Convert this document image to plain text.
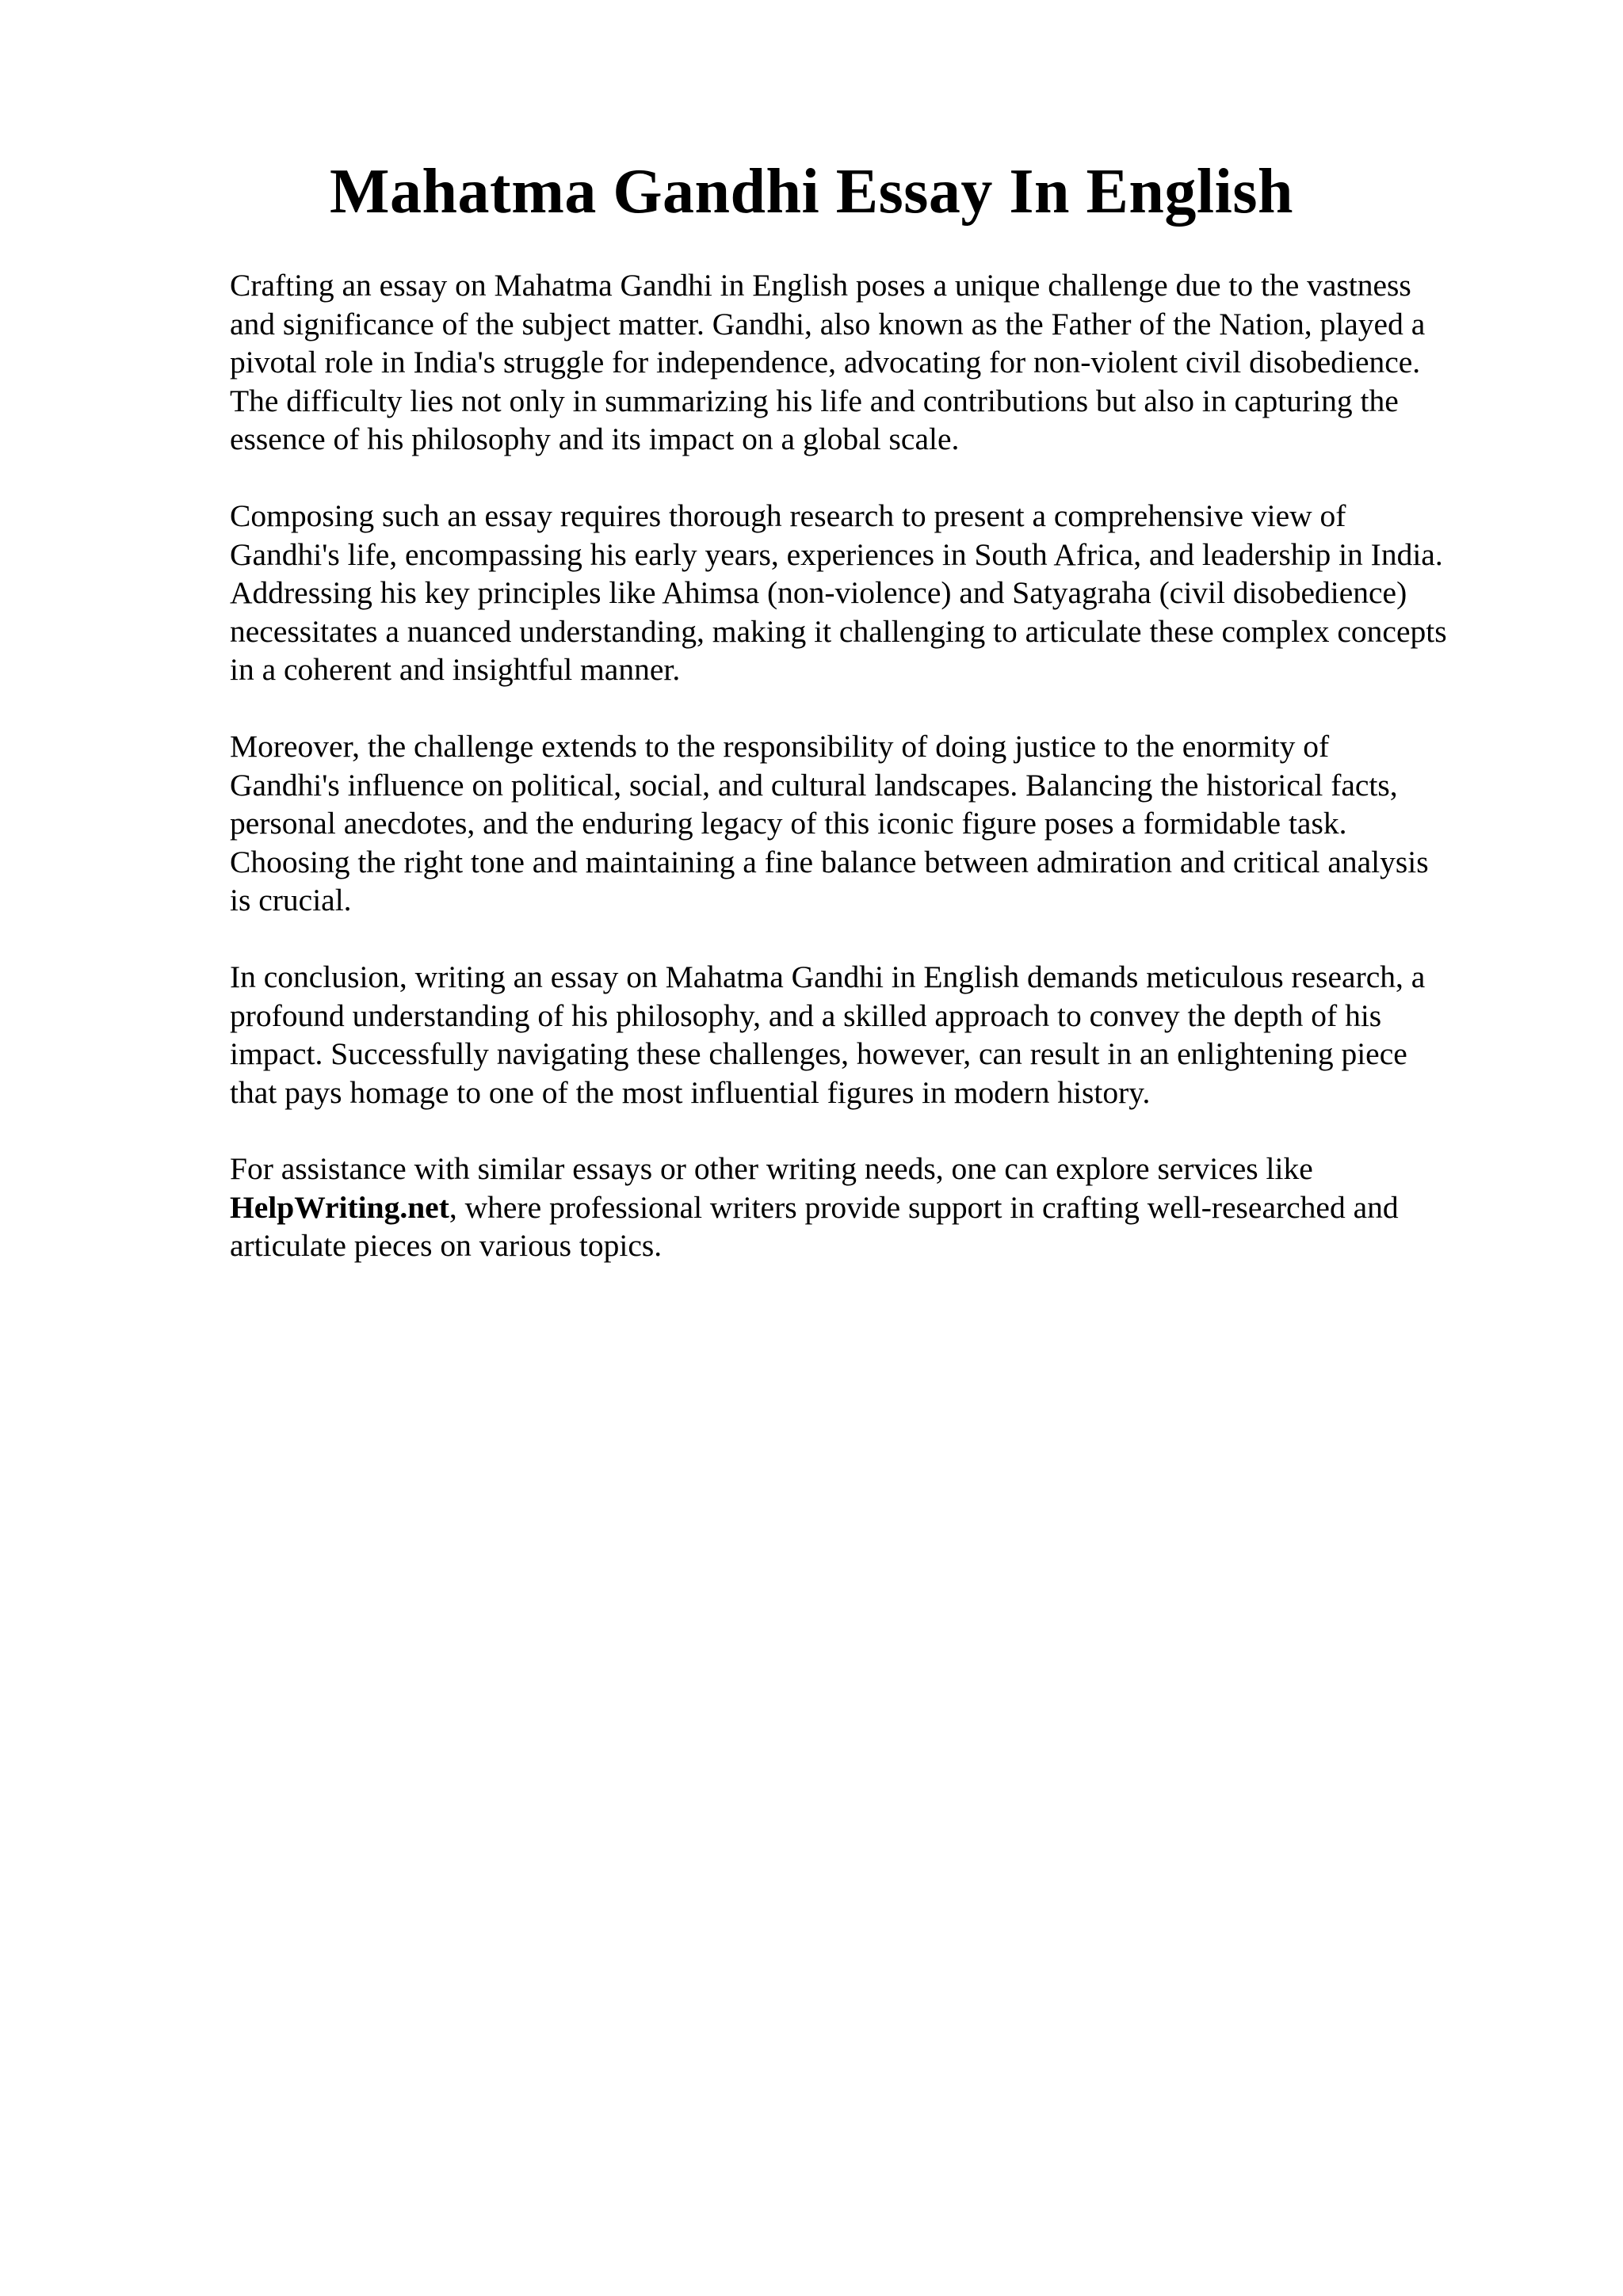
Mahatma Gandhi Essay In English

Crafting an essay on Mahatma Gandhi in English poses a unique challenge due to the vastness
and significance of the subject matter. Gandhi, also known as the Father of the Nation, played a
pivotal role in India's struggle for independence, advocating for non-violent civil disobedience.
The difficulty lies not only in summarizing his life and contributions but also in capturing the
essence of his philosophy and its impact on a global scale.

Composing such an essay requires thorough research to present a comprehensive view of
Gandhi's life, encompassing his early years, experiences in South Africa, and leadership in India.
Addressing his key principles like Ahimsa (non-violence) and Satyagraha (civil disobedience)
necessitates a nuanced understanding, making it challenging to articulate these complex concepts
in a coherent and insightful manner.

Moreover, the challenge extends to the responsibility of doing justice to the enormity of
Gandhi's influence on political, social, and cultural landscapes. Balancing the historical facts,
personal anecdotes, and the enduring legacy of this iconic figure poses a formidable task.
Choosing the right tone and maintaining a fine balance between admiration and critical analysis
is crucial.

In conclusion, writing an essay on Mahatma Gandhi in English demands meticulous research, a
profound understanding of his philosophy, and a skilled approach to convey the depth of his
impact. Successfully navigating these challenges, however, can result in an enlightening piece
that pays homage to one of the most influential figures in modern history.

For assistance with similar essays or other writing needs, one can explore services like
HelpWriting.net, where professional writers provide support in crafting well-researched and
articulate pieces on various topics.
